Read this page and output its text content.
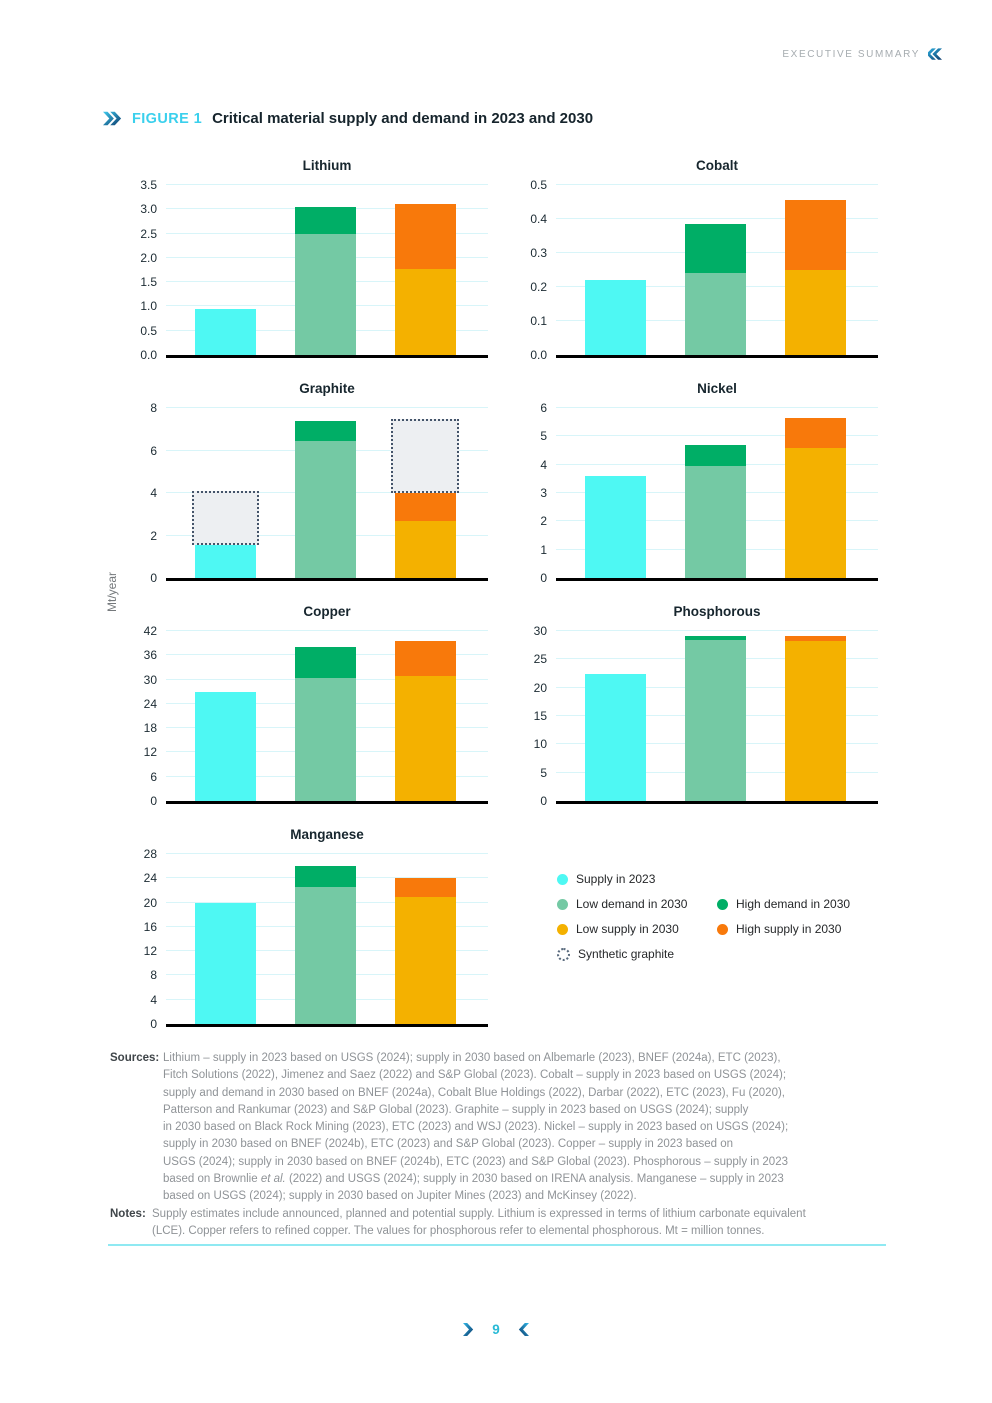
EXECUTIVE SUMMARY
FIGURE 1 Critical material supply and demand in 2023 and 2030
Lithium
0.0
0.5
1.0
1.5
2.0
2.5
3.0
3.5
Cobalt
0.0
0.1
0.2
0.3
0.4
0.5
Graphite
0
2
4
6
8
Nickel
0
1
2
3
4
5
6
Copper
0
6
12
18
24
30
36
42
Phosphorous
0
5
10
15
20
25
30
Manganese
0
4
8
12
16
20
24
28
Supply in 2023
Low demand in 2030	High demand in 2030
Low supply in 2030	High supply in 2030
Synthetic graphite
Mt/year
Sources: Lithium – supply in 2023 based on USGS (2024); supply in 2030 based on Albemarle (2023), BNEF (2024a), ETC (2023),
Fitch Solutions (2022), Jimenez and Saez (2022) and S&P Global (2023). Cobalt – supply in 2023 based on USGS (2024);
supply and demand in 2030 based on BNEF (2024a), Cobalt Blue Holdings (2022), Darbar (2022), ETC (2023), Fu (2020),
Patterson and Rankumar (2023) and S&P Global (2023). Graphite – supply in 2023 based on USGS (2024); supply
in 2030 based on Black Rock Mining (2023), ETC (2023) and WSJ (2023). Nickel – supply in 2023 based on USGS (2024);
supply in 2030 based on BNEF (2024b), ETC (2023) and S&P Global (2023). Copper – supply in 2023 based on
USGS (2024); supply in 2030 based on BNEF (2024b), ETC (2023) and S&P Global (2023). Phosphorous – supply in 2023
based on Brownlie et al. (2022) and USGS (2024); supply in 2030 based on IRENA analysis. Manganese – supply in 2023
based on USGS (2024); supply in 2030 based on Jupiter Mines (2023) and McKinsey (2022).
Notes: Supply estimates include announced, planned and potential supply. Lithium is expressed in terms of lithium carbonate equivalent
(LCE). Copper refers to refined copper. The values for phosphorous refer to elemental phosphorous. Mt = million tonnes.
9
